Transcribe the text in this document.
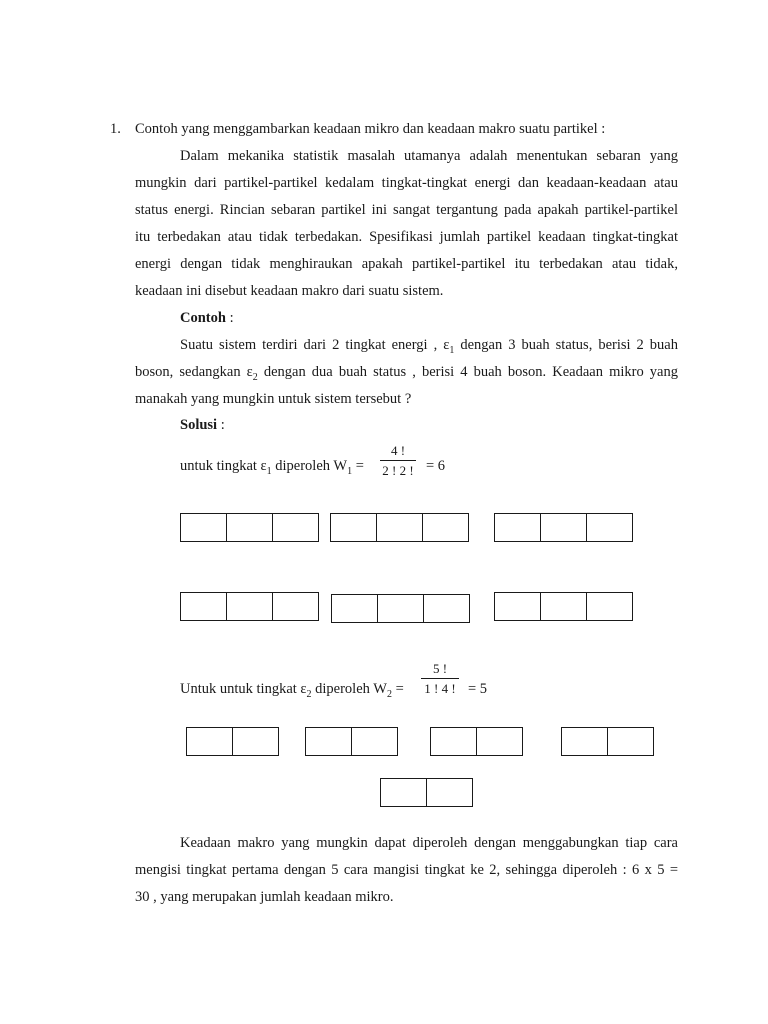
1. Contoh yang menggambarkan keadaan mikro dan keadaan makro suatu partikel :
Dalam mekanika statistik masalah utamanya adalah menentukan sebaran yang
mungkin dari partikel-partikel kedalam tingkat-tingkat energi dan keadaan-keadaan atau
status energi. Rincian sebaran partikel ini sangat tergantung pada apakah partikel-partikel
itu terbedakan atau tidak terbedakan. Spesifikasi jumlah partikel keadaan tingkat-tingkat
energi dengan tidak menghiraukan apakah partikel-partikel itu terbedakan atau tidak,
keadaan ini disebut keadaan makro dari suatu sistem.
Contoh :
Suatu sistem terdiri dari 2 tingkat energi , $\varepsilon_1$ dengan 3 buah status, berisi 2 buah
boson, sedangkan $\varepsilon_2$ dengan dua buah status , berisi 4 buah boson. Keadaan mikro yang
manakah yang mungkin untuk sistem tersebut ?
Solusi :
untuk tingkat $\varepsilon_1$ diperoleh $W_1$ =
4 !
2 ! 2 ! = 6
Untuk untuk tingkat $\varepsilon_2$ diperoleh $W_2$ =
5 !
1 ! 4 ! = 5
Keadaan makro yang mungkin dapat diperoleh dengan menggabungkan tiap cara
mengisi tingkat pertama dengan 5 cara mangisi tingkat ke 2, sehingga diperoleh : 6 x 5 =
30 , yang merupakan jumlah keadaan mikro.
